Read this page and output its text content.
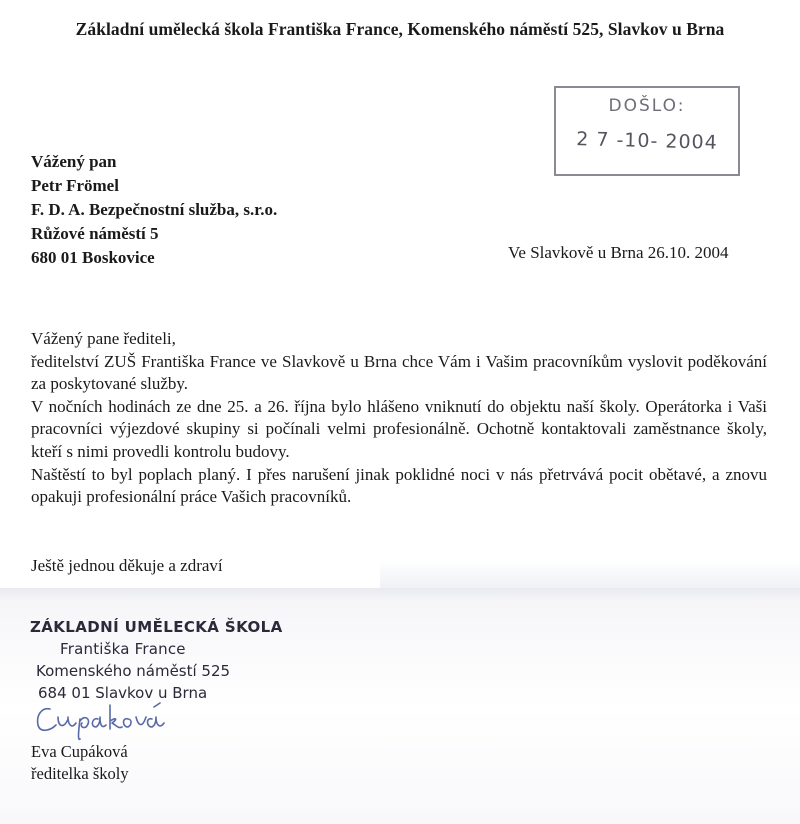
Základní umělecká škola Františka France, Komenského náměstí 525, Slavkov u Brna
DOŠLO:
2 7 -10- 2004
Vážený pan
Petr Frömel
F. D. A. Bezpečnostní služba, s.r.o.
Růžové náměstí 5
680 01 Boskovice	Ve Slavkově u Brna 26.10. 2004

Vážený pane řediteli,

ředitelství ZUŠ Františka France ve Slavkově u Brna chce Vám i Vašim pracovníkům vyslovit poděkování za poskytované služby.

V nočních hodinách ze dne 25. a 26. října bylo hlášeno vniknutí do objektu naší školy. Operátorka i Vaši pracovníci výjezdové skupiny si počínali velmi profesionálně. Ochotně kontaktovali zaměstnance školy, kteří s nimi provedli kontrolu budovy.

Naštěstí to byl poplach planý. I přes narušení jinak poklidné noci v nás přetrvává pocit obětavé, a znovu opakuji profesionální práce Vašich pracovníků.

Ještě jednou děkuje a zdraví
ZÁKLADNÍ UMĚLECKÁ ŠKOLA
Františka France
Komenského náměstí 525
684 01 Slavkov u Brna
Eva Cupáková
ředitelka školy
